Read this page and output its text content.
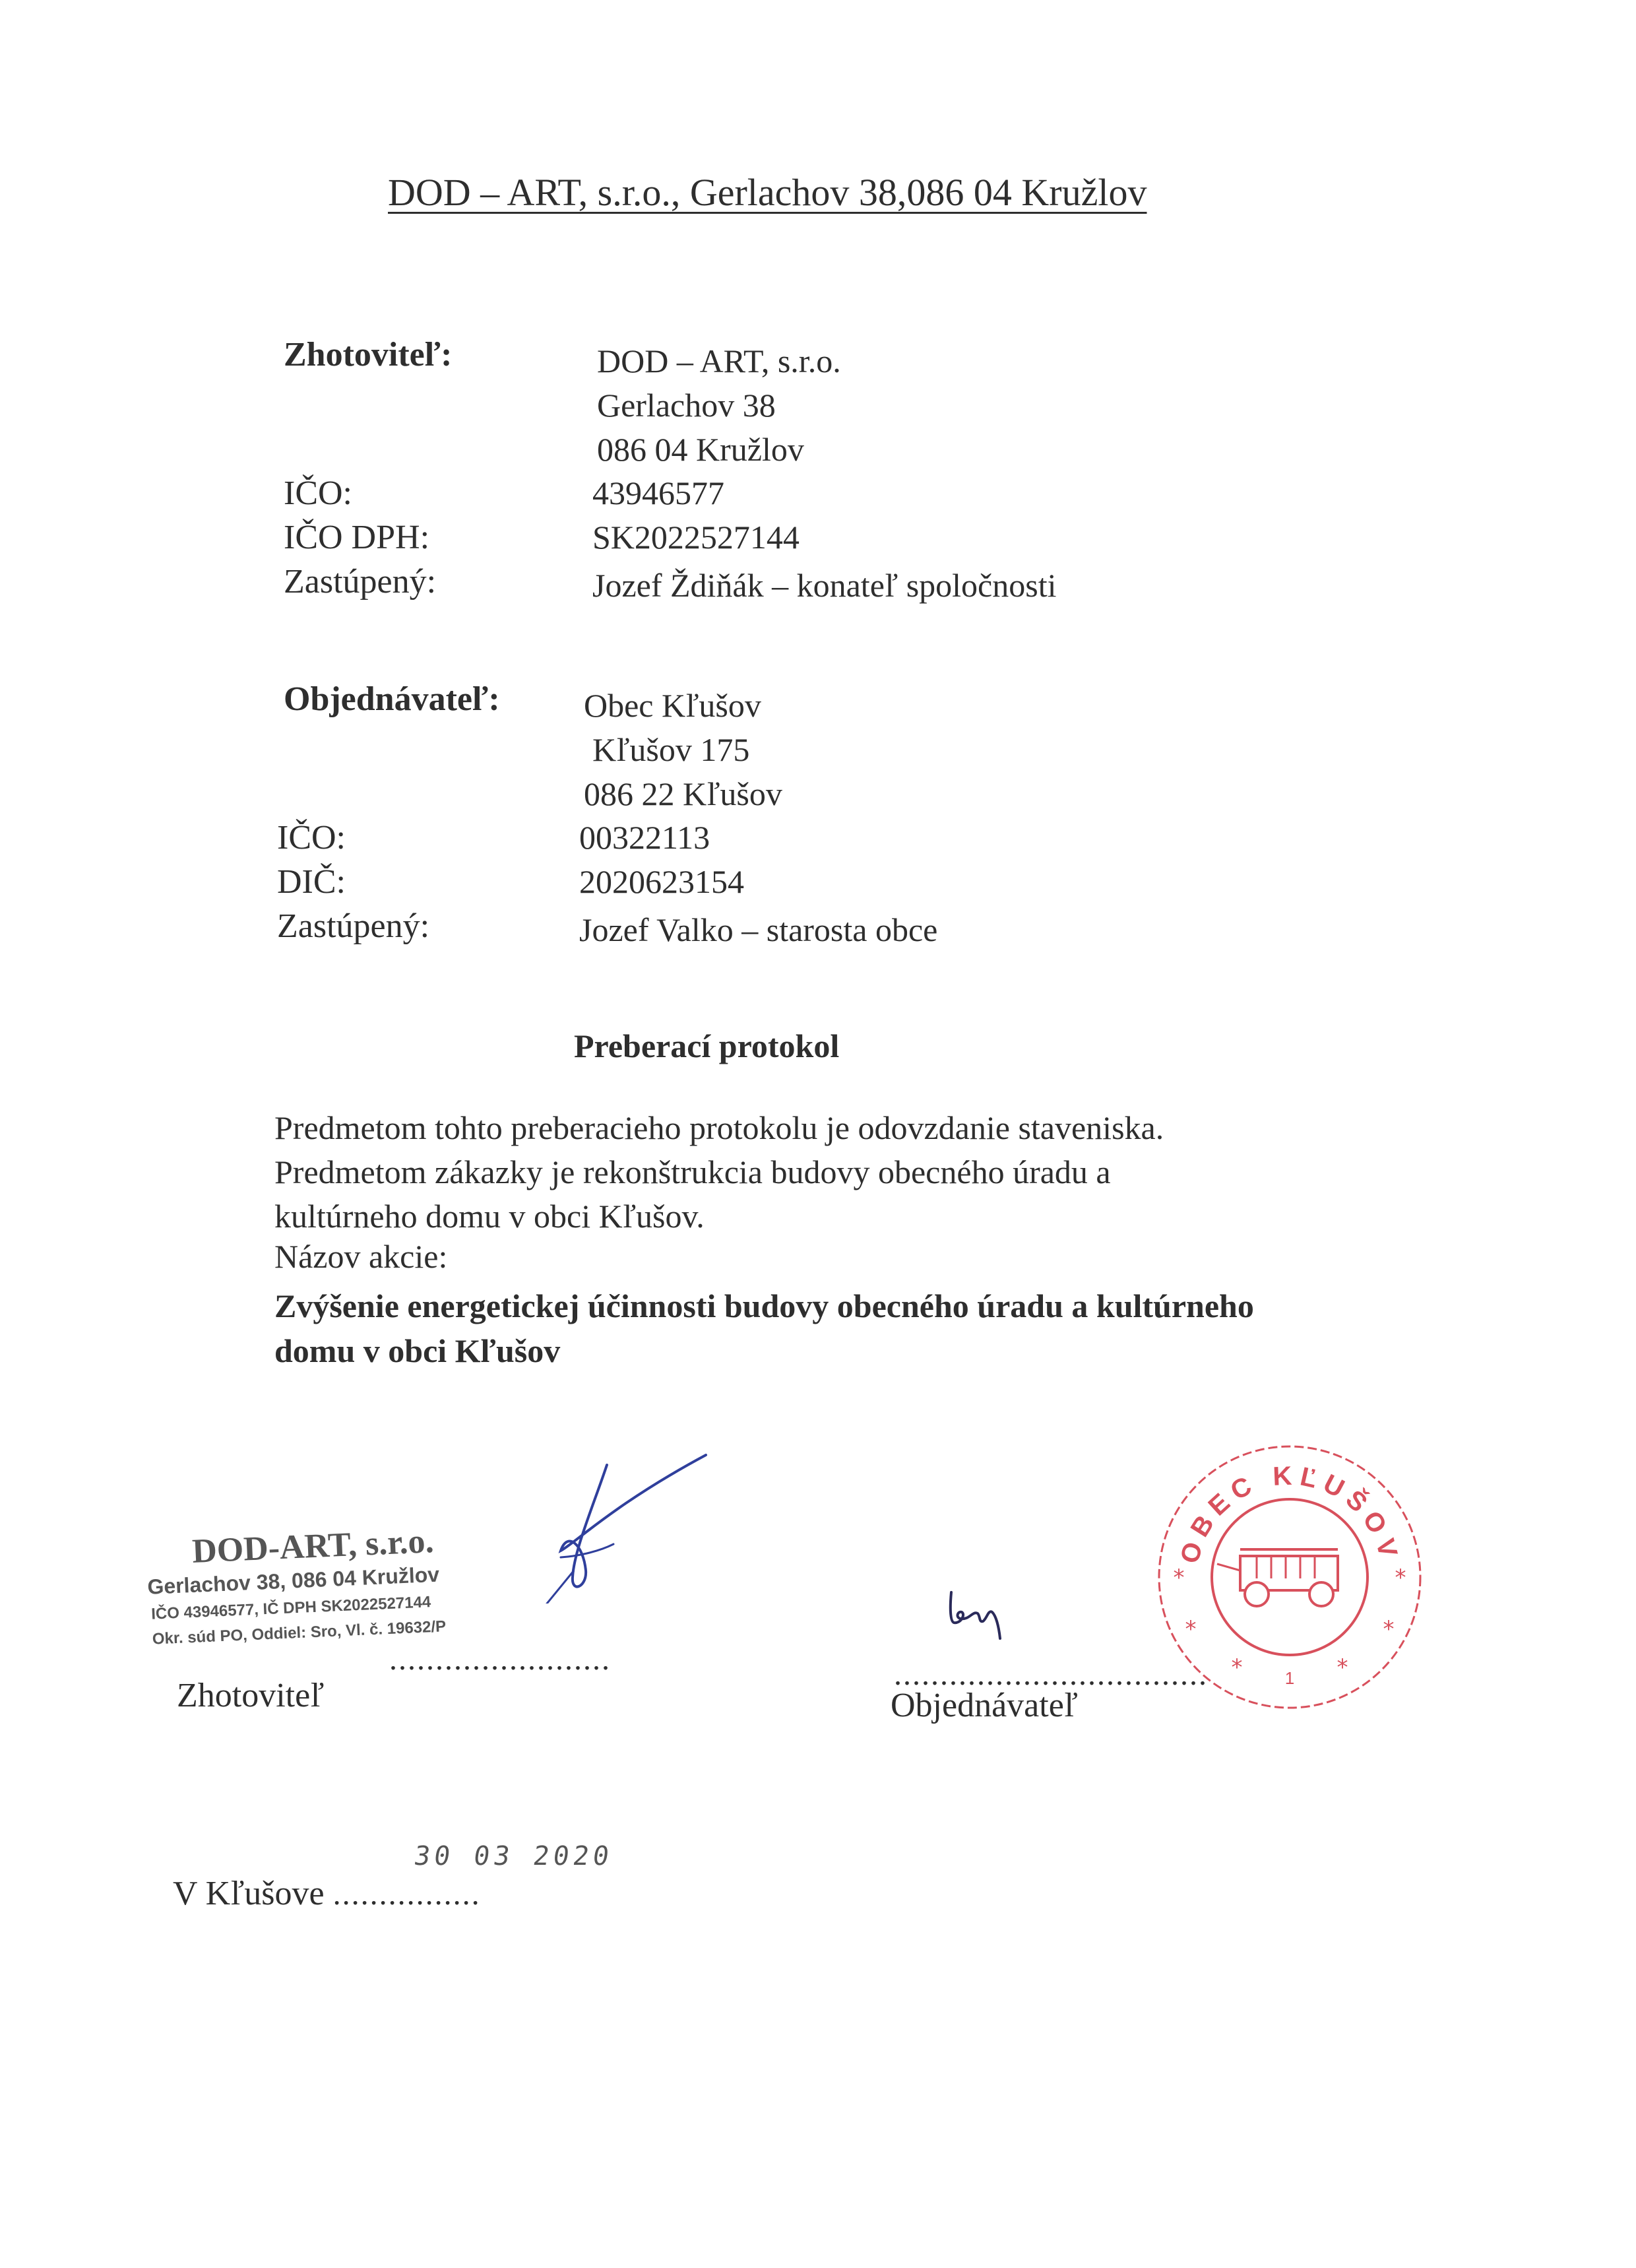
DOD – ART, s.r.o., Gerlachov 38,086 04 Kružlov
Zhotoviteľ:	DOD – ART, s.r.o.
Gerlachov 38
086 04 Kružlov
IČO:	43946577
IČO DPH:	SK2022527144
Zastúpený:	Jozef Ždiňák – konateľ spoločnosti
Objednávateľ:	Obec Kľušov
Kľušov 175
086 22 Kľušov
IČO:	00322113
DIČ:	2020623154
Zastúpený:	Jozef Valko – starosta obce
Preberací protokol
Predmetom tohto preberacieho protokolu je odovzdanie staveniska.
Predmetom zákazky je rekonštrukcia budovy obecného úradu a
kultúrneho domu v obci Kľušov.
Názov akcie:
Zvýšenie energetickej účinnosti budovy obecného úradu a kultúrneho
domu v obci Kľušov
DOD-ART, s.r.o.
Gerlachov 38, 086 04 Kružlov
IČO 43946577, IČ DPH SK2022527144
Okr. súd PO, Oddiel: Sro, Vl. č. 19632/P
........................
Zhotoviteľ
..................................
Objednávateľ
OBEC KĽUŠOV
*	*
*	*
*	*
1
V Kľušove ................
30 03 2020
